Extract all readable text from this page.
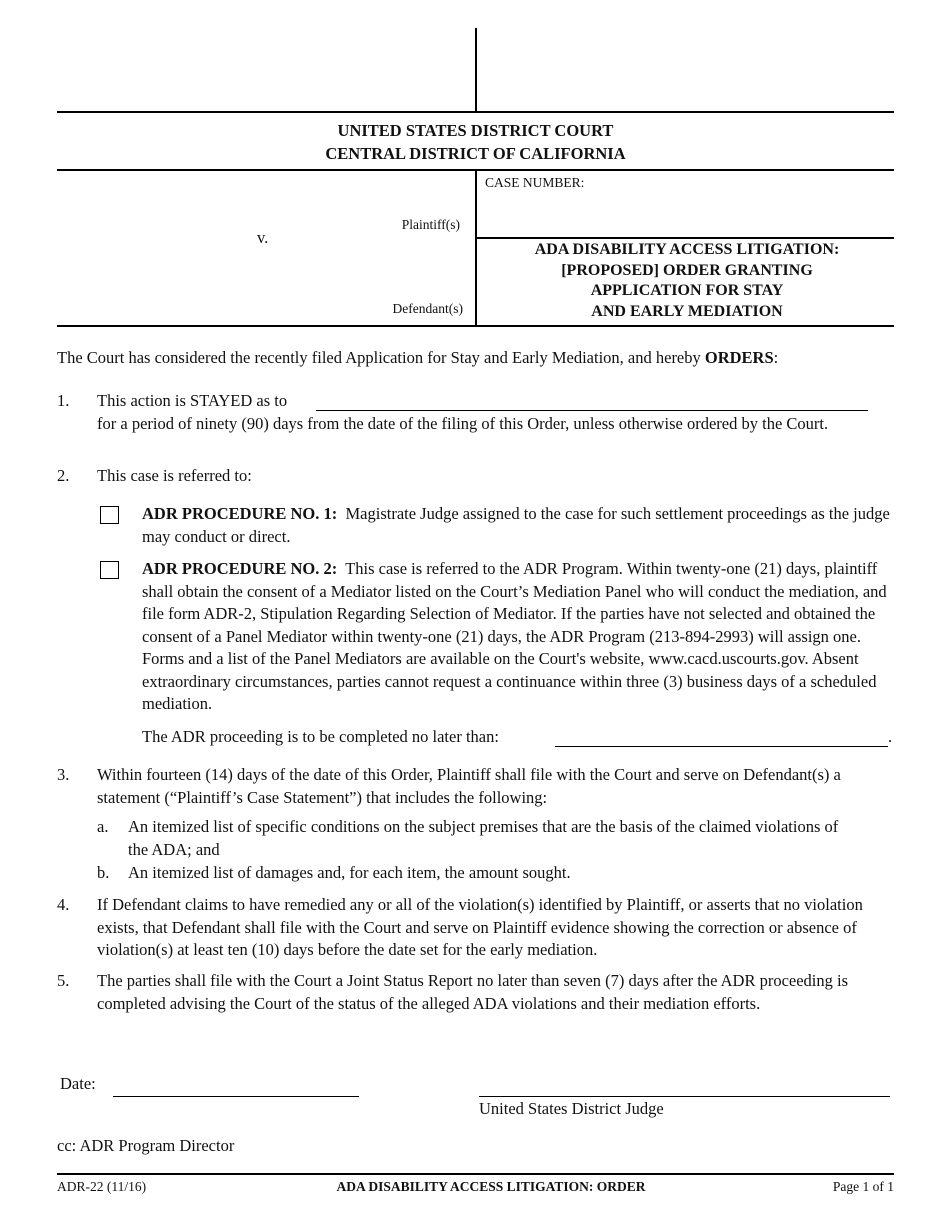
UNITED STATES DISTRICT COURT
CENTRAL DISTRICT OF CALIFORNIA
Plaintiff(s)
v.
Defendant(s)
CASE NUMBER:
ADA DISABILITY ACCESS LITIGATION:
[PROPOSED] ORDER GRANTING
APPLICATION FOR STAY
AND EARLY MEDIATION
The Court has considered the recently filed Application for Stay and Early Mediation, and hereby ORDERS:
1. This action is STAYED as to
for a period of ninety (90) days from the date of the filing of this Order, unless otherwise ordered by the Court.
2. This case is referred to:
ADR PROCEDURE NO. 1: Magistrate Judge assigned to the case for such settlement proceedings as the judge may conduct or direct.
ADR PROCEDURE NO. 2: This case is referred to the ADR Program. Within twenty-one (21) days, plaintiff shall obtain the consent of a Mediator listed on the Court’s Mediation Panel who will conduct the mediation, and file form ADR-2, Stipulation Regarding Selection of Mediator. If the parties have not selected and obtained the consent of a Panel Mediator within twenty-one (21) days, the ADR Program (213-894-2993) will assign one. Forms and a list of the Panel Mediators are available on the Court's website, www.cacd.uscourts.gov. Absent extraordinary circumstances, parties cannot request a continuance within three (3) business days of a scheduled mediation.
The ADR proceeding is to be completed no later than:	.
3. Within fourteen (14) days of the date of this Order, Plaintiff shall file with the Court and serve on Defendant(s) a statement (“Plaintiff’s Case Statement”) that includes the following:
a. An itemized list of specific conditions on the subject premises that are the basis of the claimed violations of the ADA; and
b. An itemized list of damages and, for each item, the amount sought.
4. If Defendant claims to have remedied any or all of the violation(s) identified by Plaintiff, or asserts that no violation exists, that Defendant shall file with the Court and serve on Plaintiff evidence showing the correction or absence of violation(s) at least ten (10) days before the date set for the early mediation.
5. The parties shall file with the Court a Joint Status Report no later than seven (7) days after the ADR proceeding is completed advising the Court of the status of the alleged ADA violations and their mediation efforts.
Date:
United States District Judge
cc: ADR Program Director
ADR-22 (11/16)	ADA DISABILITY ACCESS LITIGATION: ORDER	Page 1 of 1
